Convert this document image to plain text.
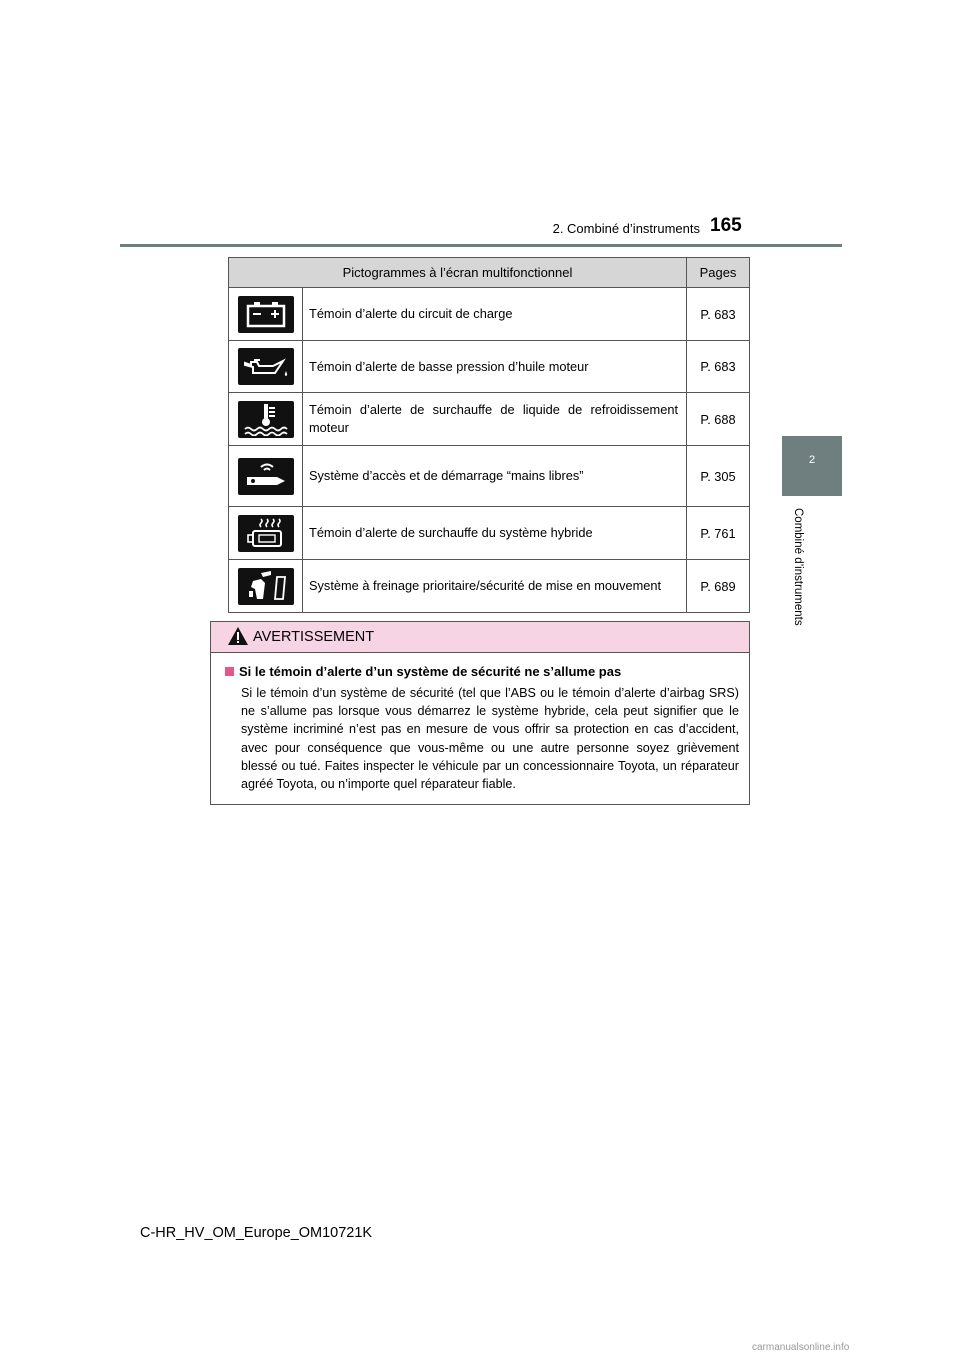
2. Combiné d’instruments 165
2
Combiné d’instruments
Pictogrammes à l’écran multifonctionnel		Pages

	Témoin d’alerte du circuit de charge	P. 683

	Témoin d’alerte de basse pression d’huile moteur	P. 683

	Témoin d’alerte de surchauffe de liquide de refroidissement moteur	P. 688

	Système d’accès et de démarrage “mains libres”	P. 305

	Témoin d’alerte de surchauffe du système hybride	P. 761

	Système à freinage prioritaire/sécurité de mise en mouvement	P. 689
AVERTISSEMENT
Si le témoin d’alerte d’un système de sécurité ne s’allume pas
Si le témoin d’un système de sécurité (tel que l’ABS ou le témoin d’alerte d’airbag SRS) ne s’allume pas lorsque vous démarrez le système hybride, cela peut signifier que le système incriminé n’est pas en mesure de vous offrir sa protection en cas d’accident, avec pour conséquence que vous-même ou une autre personne soyez grièvement blessé ou tué. Faites inspecter le véhicule par un concessionnaire Toyota, un réparateur agréé Toyota, ou n’importe quel réparateur fiable.
C-HR_HV_OM_Europe_OM10721K
carmanualsonline.info
